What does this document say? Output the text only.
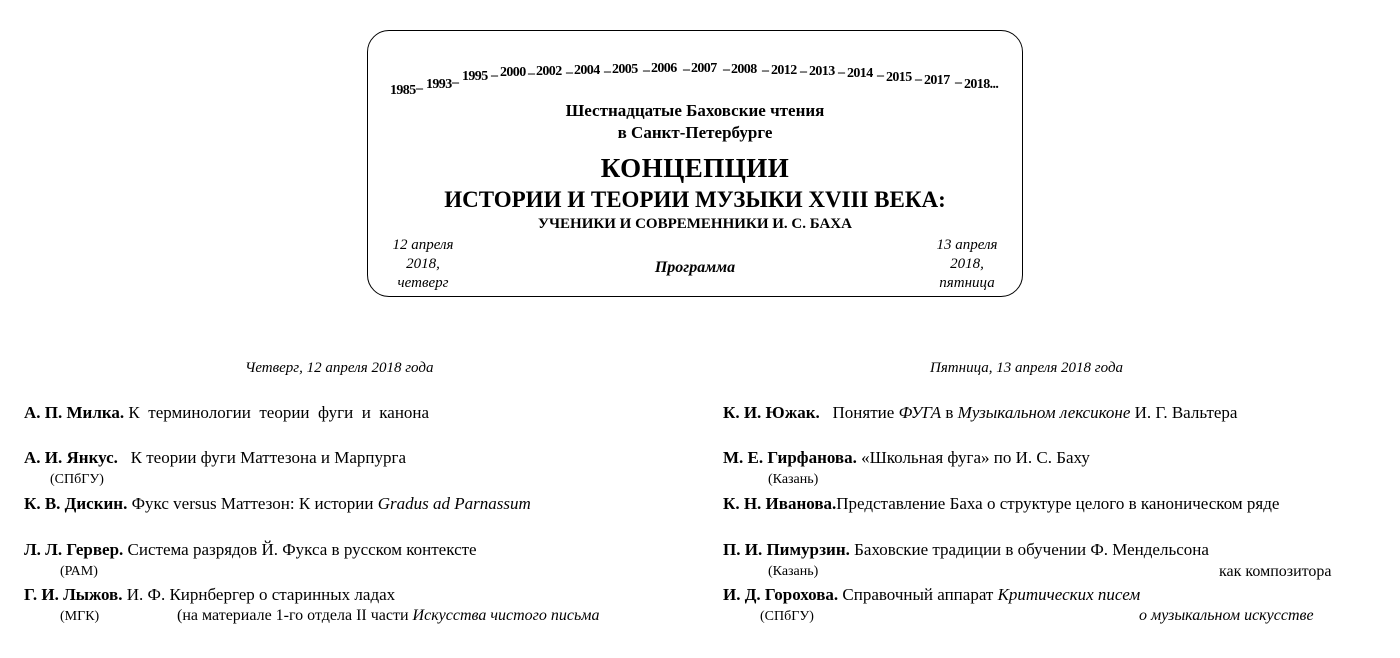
1985 – 1993 – 1995 – 2000 – 2002 – 2004 – 2005 – 2006 – 2007 – 2008 – 2012 – 2013 – 2014 – 2015 – 2017 – 2018...
Шестнадцатые Баховские чтения
в Санкт-Петербурге
КОНЦЕПЦИИ
ИСТОРИИ И ТЕОРИИ МУЗЫКИ XVIII ВЕКА:
УЧЕНИКИ И СОВРЕМЕННИКИ И. С. БАХА
12 апреля
2018,
четверг
Программа
13 апреля
2018,
пятница
Четверг, 12 апреля 2018 года
А. П. Милка. К  терминологии  теории  фуги  и  канона
А. И. Янкус. К теории фуги Маттезона и Марпурга
(СПбГУ)
К. В. Дискин. Фукс versus Маттезон: К истории Gradus ad Parnassum
Л. Л. Гервер. Система разрядов Й. Фукса в русском контексте
(РАМ)
Г. И. Лыжов. И. Ф. Кирнбергер о старинных ладах
(МГК)	(на материале 1-го отдела II части Искусства чистого письма
Пятница, 13 апреля 2018 года
К. И. Южак. Понятие ФУГА в Музыкальном лексиконе И. Г. Вальтера
М. Е. Гирфанова. «Школьная фуга» по И. С. Баху
(Казань)
К. Н. Иванова.Представление Баха о структуре целого в каноническом ряде
П. И. Пимурзин. Баховские традиции в обучении Ф. Мендельсона
(Казань)	как композитора
И. Д. Горохова. Справочный аппарат Критических писем
(СПбГУ)	о музыкальном искусстве
